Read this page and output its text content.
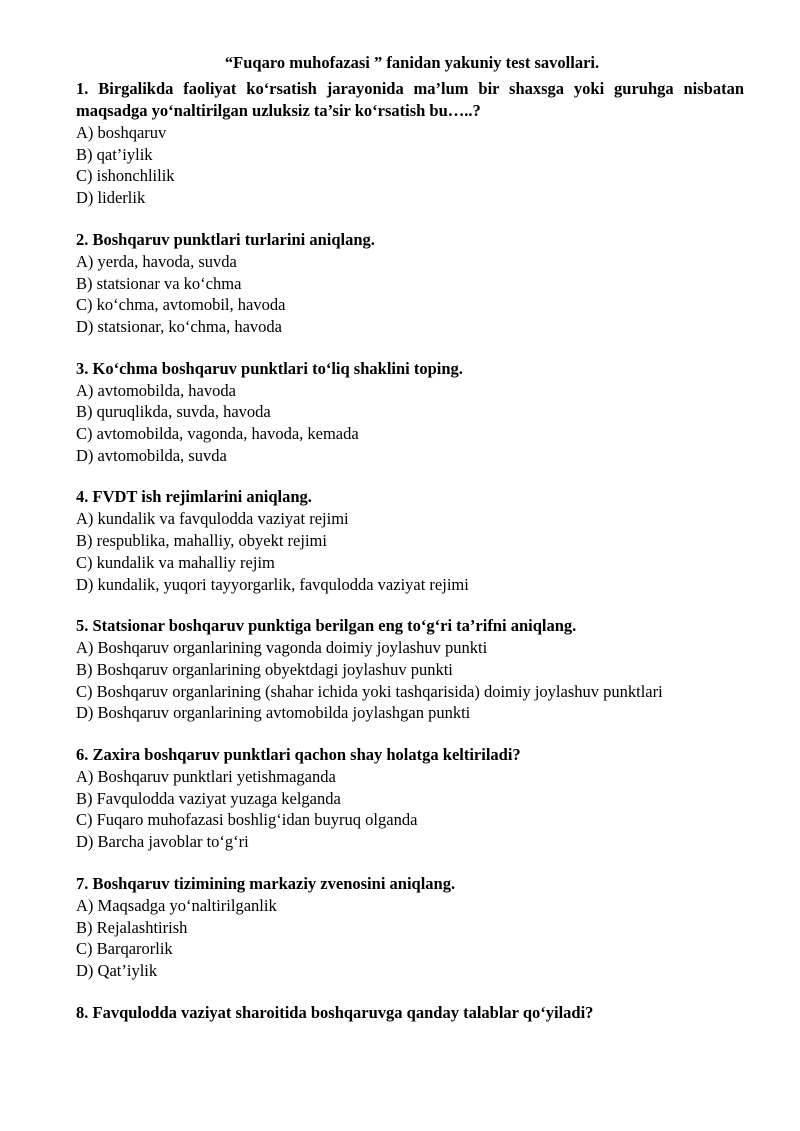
“Fuqaro muhofazasi ” fanidan yakuniy test savollari.

1. Birgalikda faoliyat ko‘rsatish jarayonida ma’lum bir shaxsga yoki guruhga nisbatan maqsadga yo‘naltirilgan uzluksiz ta’sir ko‘rsatish bu…..?

A) boshqaruv

B) qat’iylik

C) ishonchlilik

D) liderlik

2. Boshqaruv punktlari turlarini aniqlang.

A) yerda, havoda, suvda

B) statsionar va ko‘chma

C) ko‘chma, avtomobil, havoda

D) statsionar, ko‘chma, havoda

3. Ko‘chma boshqaruv punktlari to‘liq shaklini toping.

A) avtomobilda, havoda

B) quruqlikda, suvda, havoda

C) avtomobilda, vagonda, havoda, kemada

D) avtomobilda, suvda

4. FVDT ish rejimlarini aniqlang.

A) kundalik va favqulodda vaziyat rejimi

B) respublika, mahalliy, obyekt rejimi

C) kundalik va mahalliy rejim

D) kundalik, yuqori tayyorgarlik, favqulodda vaziyat rejimi

5. Statsionar boshqaruv punktiga berilgan eng to‘g‘ri ta’rifni aniqlang.

A) Boshqaruv organlarining vagonda doimiy joylashuv punkti

B) Boshqaruv organlarining obyektdagi joylashuv punkti

C) Boshqaruv organlarining (shahar ichida yoki tashqarisida) doimiy joylashuv punktlari

D) Boshqaruv organlarining avtomobilda joylashgan punkti

6. Zaxira boshqaruv punktlari qachon shay holatga keltiriladi?

A) Boshqaruv punktlari yetishmaganda

B) Favqulodda vaziyat yuzaga kelganda

C) Fuqaro muhofazasi boshlig‘idan buyruq olganda

D) Barcha javoblar to‘g‘ri

7. Boshqaruv tizimining markaziy zvenosini aniqlang.

A) Maqsadga yo‘naltirilganlik

B) Rejalashtirish

C) Barqarorlik

D) Qat’iylik

8. Favqulodda vaziyat sharoitida boshqaruvga qanday talablar qo‘yiladi?
